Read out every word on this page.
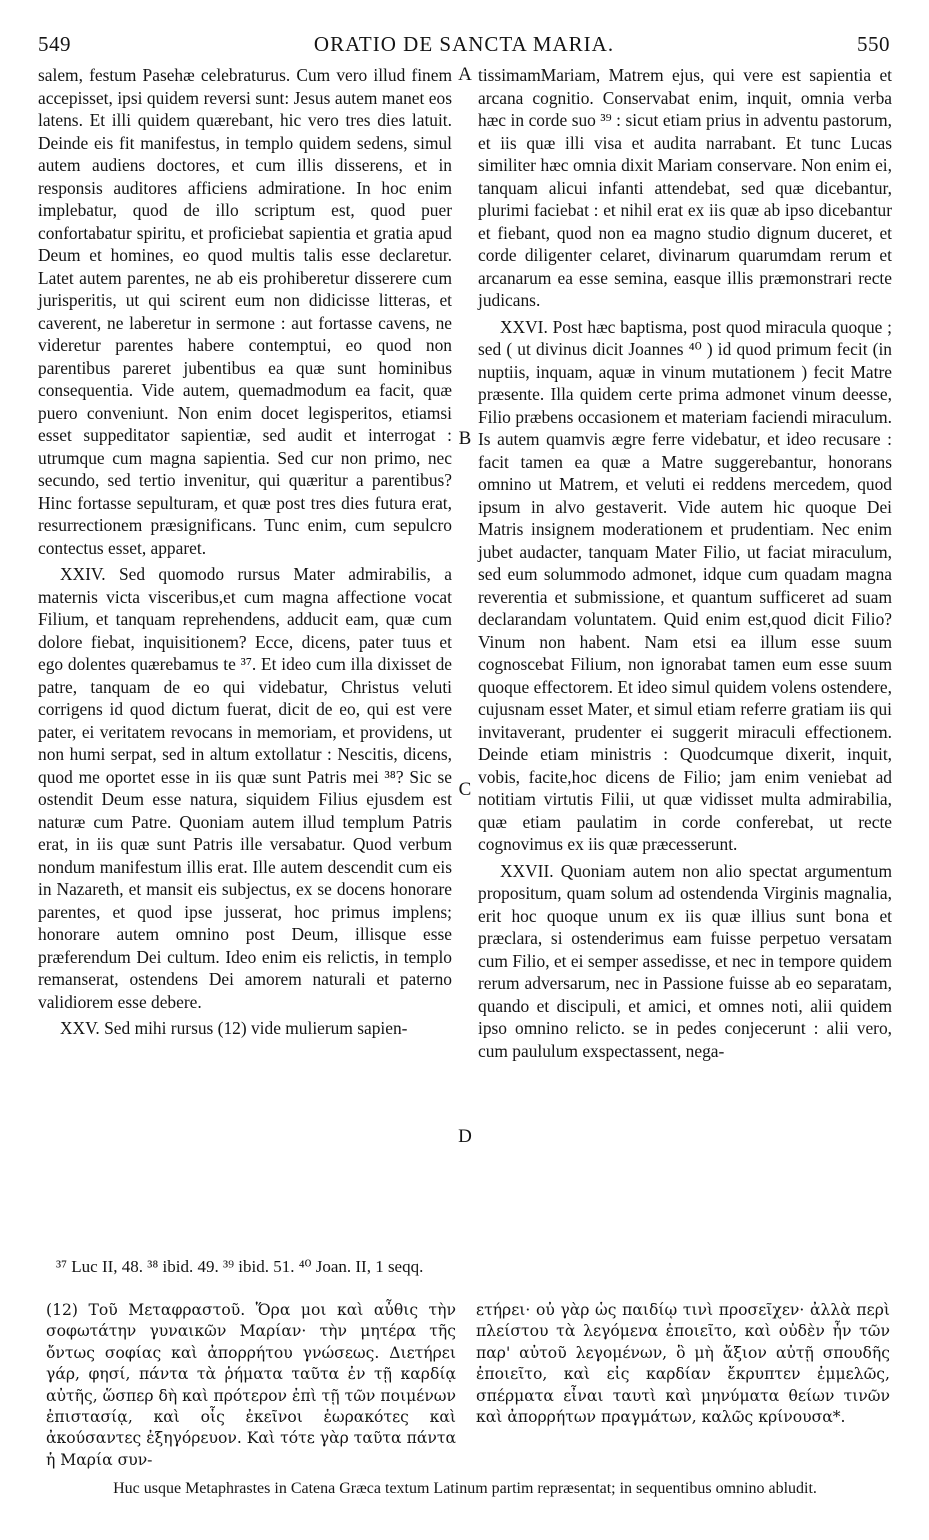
549	ORATIO DE SANCTA MARIA.	550

salem, festum Pasehæ celebraturus. Cum vero illud finem accepisset, ipsi quidem reversi sunt: Jesus autem manet eos latens. Et illi quidem quærebant, hic vero tres dies latuit. Deinde eis fit manifestus, in templo quidem sedens, simul autem audiens doctores, et cum illis disserens, et in responsis auditores afficiens admiratione. In hoc enim implebatur, quod de illo scriptum est, quod puer confortabatur spiritu, et proficiebat sapientia et gratia apud Deum et homines, eo quod multis talis esse declaretur. Latet autem parentes, ne ab eis prohiberetur disserere cum jurisperitis, ut qui scirent eum non didicisse litteras, et caverent, ne laberetur in sermone : aut fortasse cavens, ne videretur parentes habere contemptui, eo quod non parentibus pareret jubentibus ea quæ sunt hominibus consequentia. Vide autem, quemadmodum ea facit, quæ puero conveniunt. Non enim docet legisperitos, etiamsi esset suppeditator sapientiæ, sed audit et interrogat : utrumque cum magna sapientia. Sed cur non primo, nec secundo, sed tertio invenitur, qui quæritur a parentibus? Hinc fortasse sepulturam, et quæ post tres dies futura erat, resurrectionem præsignificans. Tunc enim, cum sepulcro contectus esset, apparet.

XXIV. Sed quomodo rursus Mater admirabilis, a maternis victa visceribus,et cum magna affectione vocat Filium, et tanquam reprehendens, adducit eam, quæ cum dolore fiebat, inquisitionem? Ecce, dicens, pater tuus et ego dolentes quærebamus te ³⁷. Et ideo cum illa dixisset de patre, tanquam de eo qui videbatur, Christus veluti corrigens id quod dictum fuerat, dicit de eo, qui est vere pater, ei veritatem revocans in memoriam, et providens, ut non humi serpat, sed in altum extollatur : Nescitis, dicens, quod me oportet esse in iis quæ sunt Patris mei ³⁸? Sic se ostendit Deum esse natura, siquidem Filius ejusdem est naturæ cum Patre. Quoniam autem illud templum Patris erat, in iis quæ sunt Patris ille versabatur. Quod verbum nondum manifestum illis erat. Ille autem descendit cum eis in Nazareth, et mansit eis subjectus, ex se docens honorare parentes, et quod ipse jusserat, hoc primus implens; honorare autem omnino post Deum, illisque esse præferendum Dei cultum. Ideo enim eis relictis, in templo remanserat, ostendens Dei amorem naturali et paterno validiorem esse debere.

XXV. Sed mihi rursus (12) vide mulierum sapien-

A
B
C
D

tissimamMariam, Matrem ejus, qui vere est sapientia et arcana cognitio. Conservabat enim, inquit, omnia verba hæc in corde suo ³⁹ : sicut etiam prius in adventu pastorum, et iis quæ illi visa et audita narrabant. Et tunc Lucas similiter hæc omnia dixit Mariam conservare. Non enim ei, tanquam alicui infanti attendebat, sed quæ dicebantur, plurimi faciebat : et nihil erat ex iis quæ ab ipso dicebantur et fiebant, quod non ea magno studio dignum duceret, et corde diligenter celaret, divinarum quarumdam rerum et arcanarum ea esse semina, easque illis præmonstrari recte judicans.

XXVI. Post hæc baptisma, post quod miracula quoque ; sed ( ut divinus dicit Joannes ⁴⁰ ) id quod primum fecit (in nuptiis, inquam, aquæ in vinum mutationem ) fecit Matre præsente. Illa quidem certe prima admonet vinum deesse, Filio præbens occasionem et materiam faciendi miraculum. Is autem quamvis ægre ferre videbatur, et ideo recusare : facit tamen ea quæ a Matre suggerebantur, honorans omnino ut Matrem, et veluti ei reddens mercedem, quod ipsum in alvo gestaverit. Vide autem hic quoque Dei Matris insignem moderationem et prudentiam. Nec enim jubet audacter, tanquam Mater Filio, ut faciat miraculum, sed eum solummodo admonet, idque cum quadam magna reverentia et submissione, et quantum sufficeret ad suam declarandam voluntatem. Quid enim est,quod dicit Filio? Vinum non habent. Nam etsi ea illum esse suum cognoscebat Filium, non ignorabat tamen eum esse suum quoque effectorem. Et ideo simul quidem volens ostendere, cujusnam esset Mater, et simul etiam referre gratiam iis qui invitaverant, prudenter ei suggerit miraculi effectionem. Deinde etiam ministris : Quodcumque dixerit, inquit, vobis, facite,hoc dicens de Filio; jam enim veniebat ad notitiam virtutis Filii, ut quæ vidisset multa admirabilia, quæ etiam paulatim in corde conferebat, ut recte cognovimus ex iis quæ præcesserunt.

XXVII. Quoniam autem non alio spectat argumentum propositum, quam solum ad ostendenda Virginis magnalia, erit hoc quoque unum ex iis quæ illius sunt bona et præclara, si ostenderimus eam fuisse perpetuo versatam cum Filio, et ei semper assedisse, et nec in tempore quidem rerum adversarum, nec in Passione fuisse ab eo separatam, quando et discipuli, et amici, et omnes noti, alii quidem ipso omnino relicto. se in pedes conjecerunt : alii vero, cum paululum exspectassent, nega-

³⁷ Luc II, 48. ³⁸ ibid. 49. ³⁹ ibid. 51. ⁴⁰ Joan. II, 1 seqq.

(12) Τοῦ Μεταφραστοῦ. Ὅρα μοι καὶ αὖθις τὴν σοφωτάτην γυναικῶν Μαρίαν· τὴν μητέρα τῆς ὄντως σοφίας καὶ ἀπορρήτου γνώσεως. Διετήρει γάρ, φησί, πάντα τὰ ῥήματα ταῦτα ἐν τῇ καρδίᾳ αὐτῆς, ὥσπερ δὴ καὶ πρότερον ἐπὶ τῇ τῶν ποιμένων ἐπιστασίᾳ, καὶ οἷς ἐκεῖνοι ἑωρακότες καὶ ἀκούσαντες ἐξηγόρευον. Καὶ τότε γὰρ ταῦτα πάντα ἡ Μαρία συν-

ετήρει· οὐ γὰρ ὡς παιδίῳ τινὶ προσεῖχεν· ἀλλὰ περὶ πλείστου τὰ λεγόμενα ἐποιεῖτο, καὶ οὐδὲν ἦν τῶν παρ' αὐτοῦ λεγομένων, ὃ μὴ ἄξιον αὐτῇ σπουδῆς ἐποιεῖτο, καὶ εἰς καρδίαν ἔκρυπτεν ἐμμελῶς, σπέρματα εἶναι ταυτὶ καὶ μηνύματα θείων τινῶν καὶ ἀπορρήτων πραγμάτων, καλῶς κρίνουσα*.

Huc usque Metaphrastes in Catena Græca textum Latinum partim repræsentat; in sequentibus omnino abludit.
